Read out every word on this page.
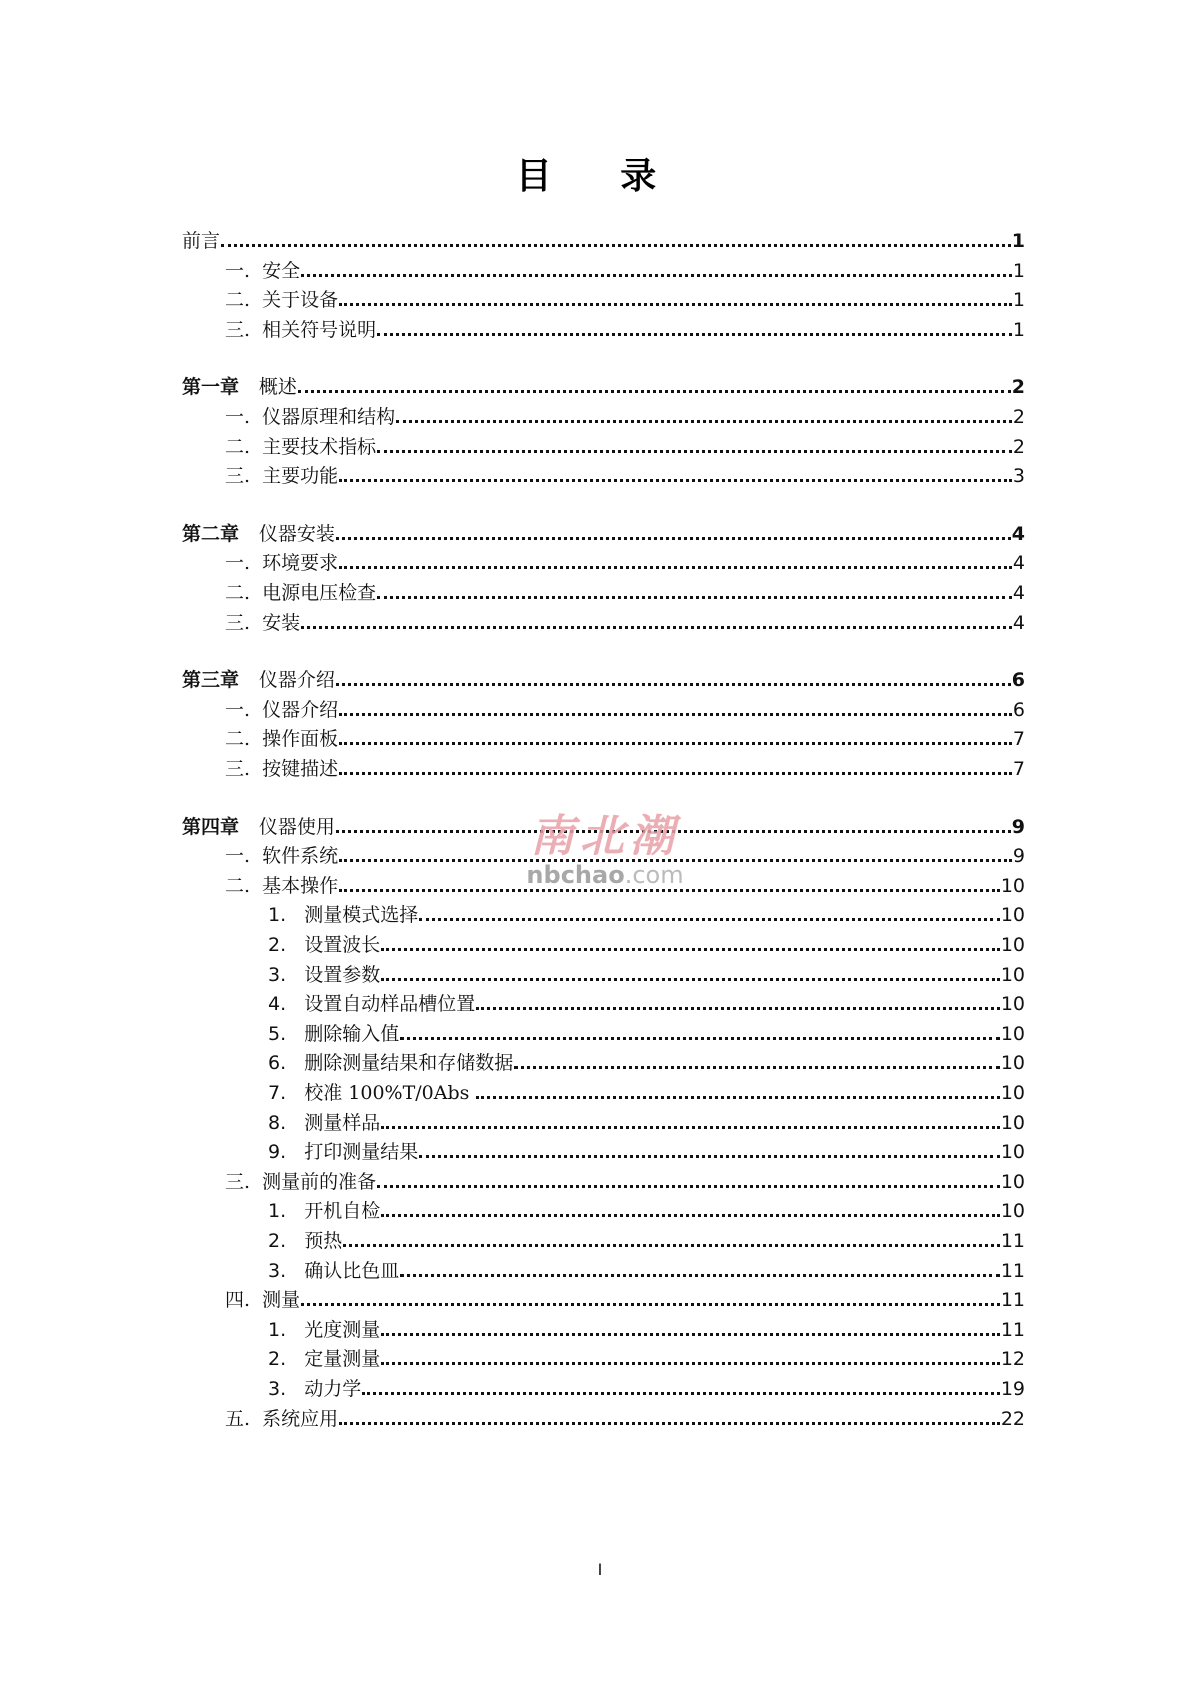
目 录
前言	1
一. 安全	1
二. 关于设备	1
三. 相关符号说明	1
第一章 概述	2
一. 仪器原理和结构	2
二. 主要技术指标	2
三. 主要功能	3
第二章 仪器安装	4
一. 环境要求	4
二. 电源电压检查	4
三. 安装	4
第三章 仪器介绍	6
一. 仪器介绍	6
二. 操作面板	7
三. 按键描述	7
第四章 仪器使用	9
一. 软件系统	9
二. 基本操作	10
1. 测量模式选择	10
2. 设置波长	10
3. 设置参数	10
4. 设置自动样品槽位置	10
5. 删除输入值	10
6. 删除测量结果和存储数据	10
7. 校准 100%T/0Abs	10
8. 测量样品	10
9. 打印测量结果	10
三. 测量前的准备	10
1. 开机自检	10
2. 预热	11
3. 确认比色皿	11
四. 测量	11
1. 光度测量	11
2. 定量测量	12
3. 动力学	19
五. 系统应用	22
南北潮
nbchao.com
I
